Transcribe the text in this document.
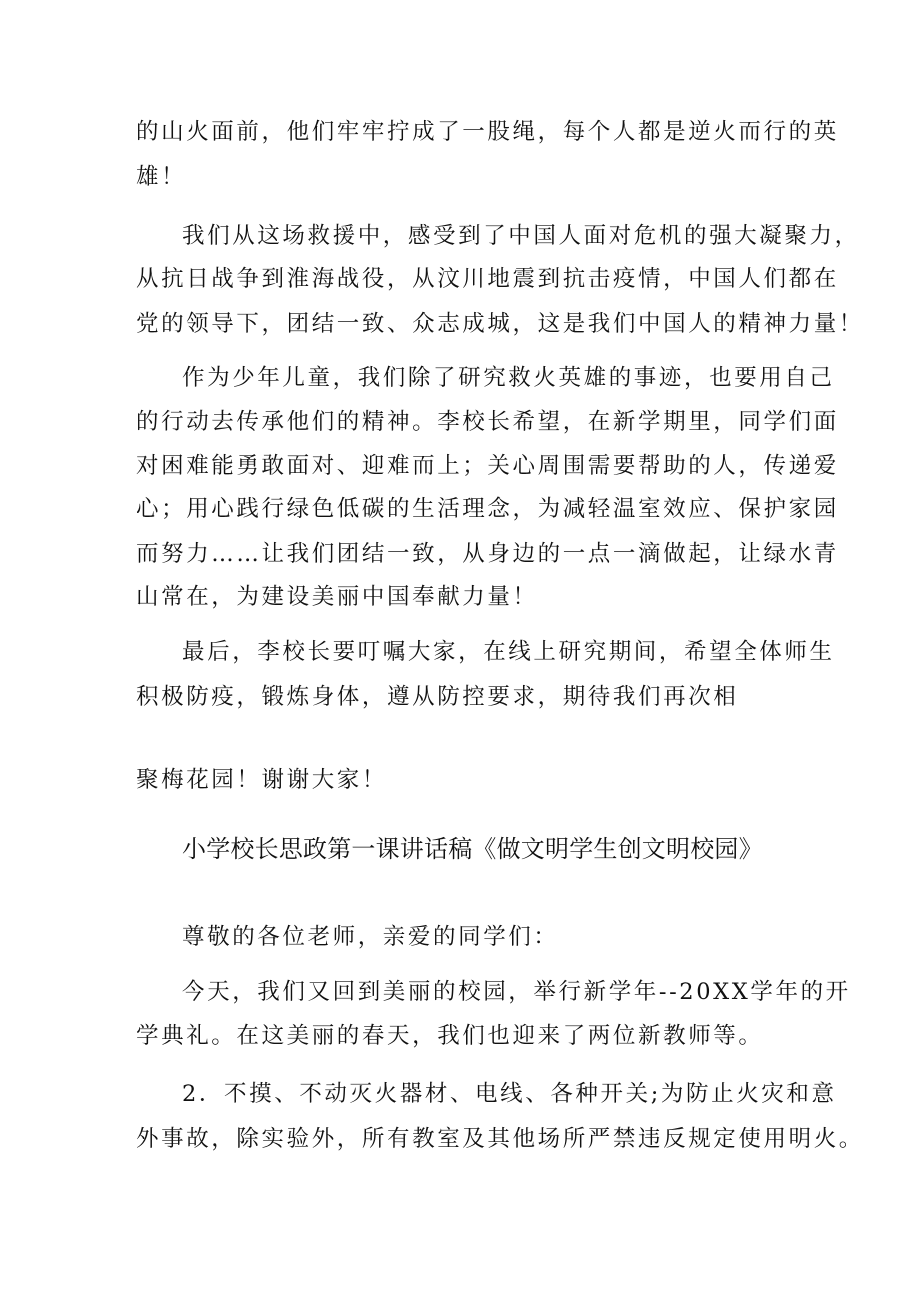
的山火面前，他们牢牢拧成了一股绳，每个人都是逆火而行的英
雄！
我们从这场救援中，感受到了中国人面对危机的强大凝聚力，
从抗日战争到淮海战役，从汶川地震到抗击疫情，中国人们都在
党的领导下，团结一致、众志成城，这是我们中国人的精神力量！
作为少年儿童，我们除了研究救火英雄的事迹，也要用自己
的行动去传承他们的精神。李校长希望，在新学期里，同学们面
对困难能勇敢面对、迎难而上；关心周围需要帮助的人，传递爱
心；用心践行绿色低碳的生活理念，为减轻温室效应、保护家园
而努力……让我们团结一致，从身边的一点一滴做起，让绿水青
山常在，为建设美丽中国奉献力量！
最后，李校长要叮嘱大家，在线上研究期间，希望全体师生
积极防疫，锻炼身体，遵从防控要求，期待我们再次相
聚梅花园！谢谢大家！
小学校长思政第一课讲话稿《做文明学生创文明校园》
尊敬的各位老师，亲爱的同学们：
今天，我们又回到美丽的校园，举行新学年--20XX学年的开
学典礼。在这美丽的春天，我们也迎来了两位新教师等。
2．不摸、不动灭火器材、电线、各种开关;为防止火灾和意
外事故，除实验外，所有教室及其他场所严禁违反规定使用明火。
